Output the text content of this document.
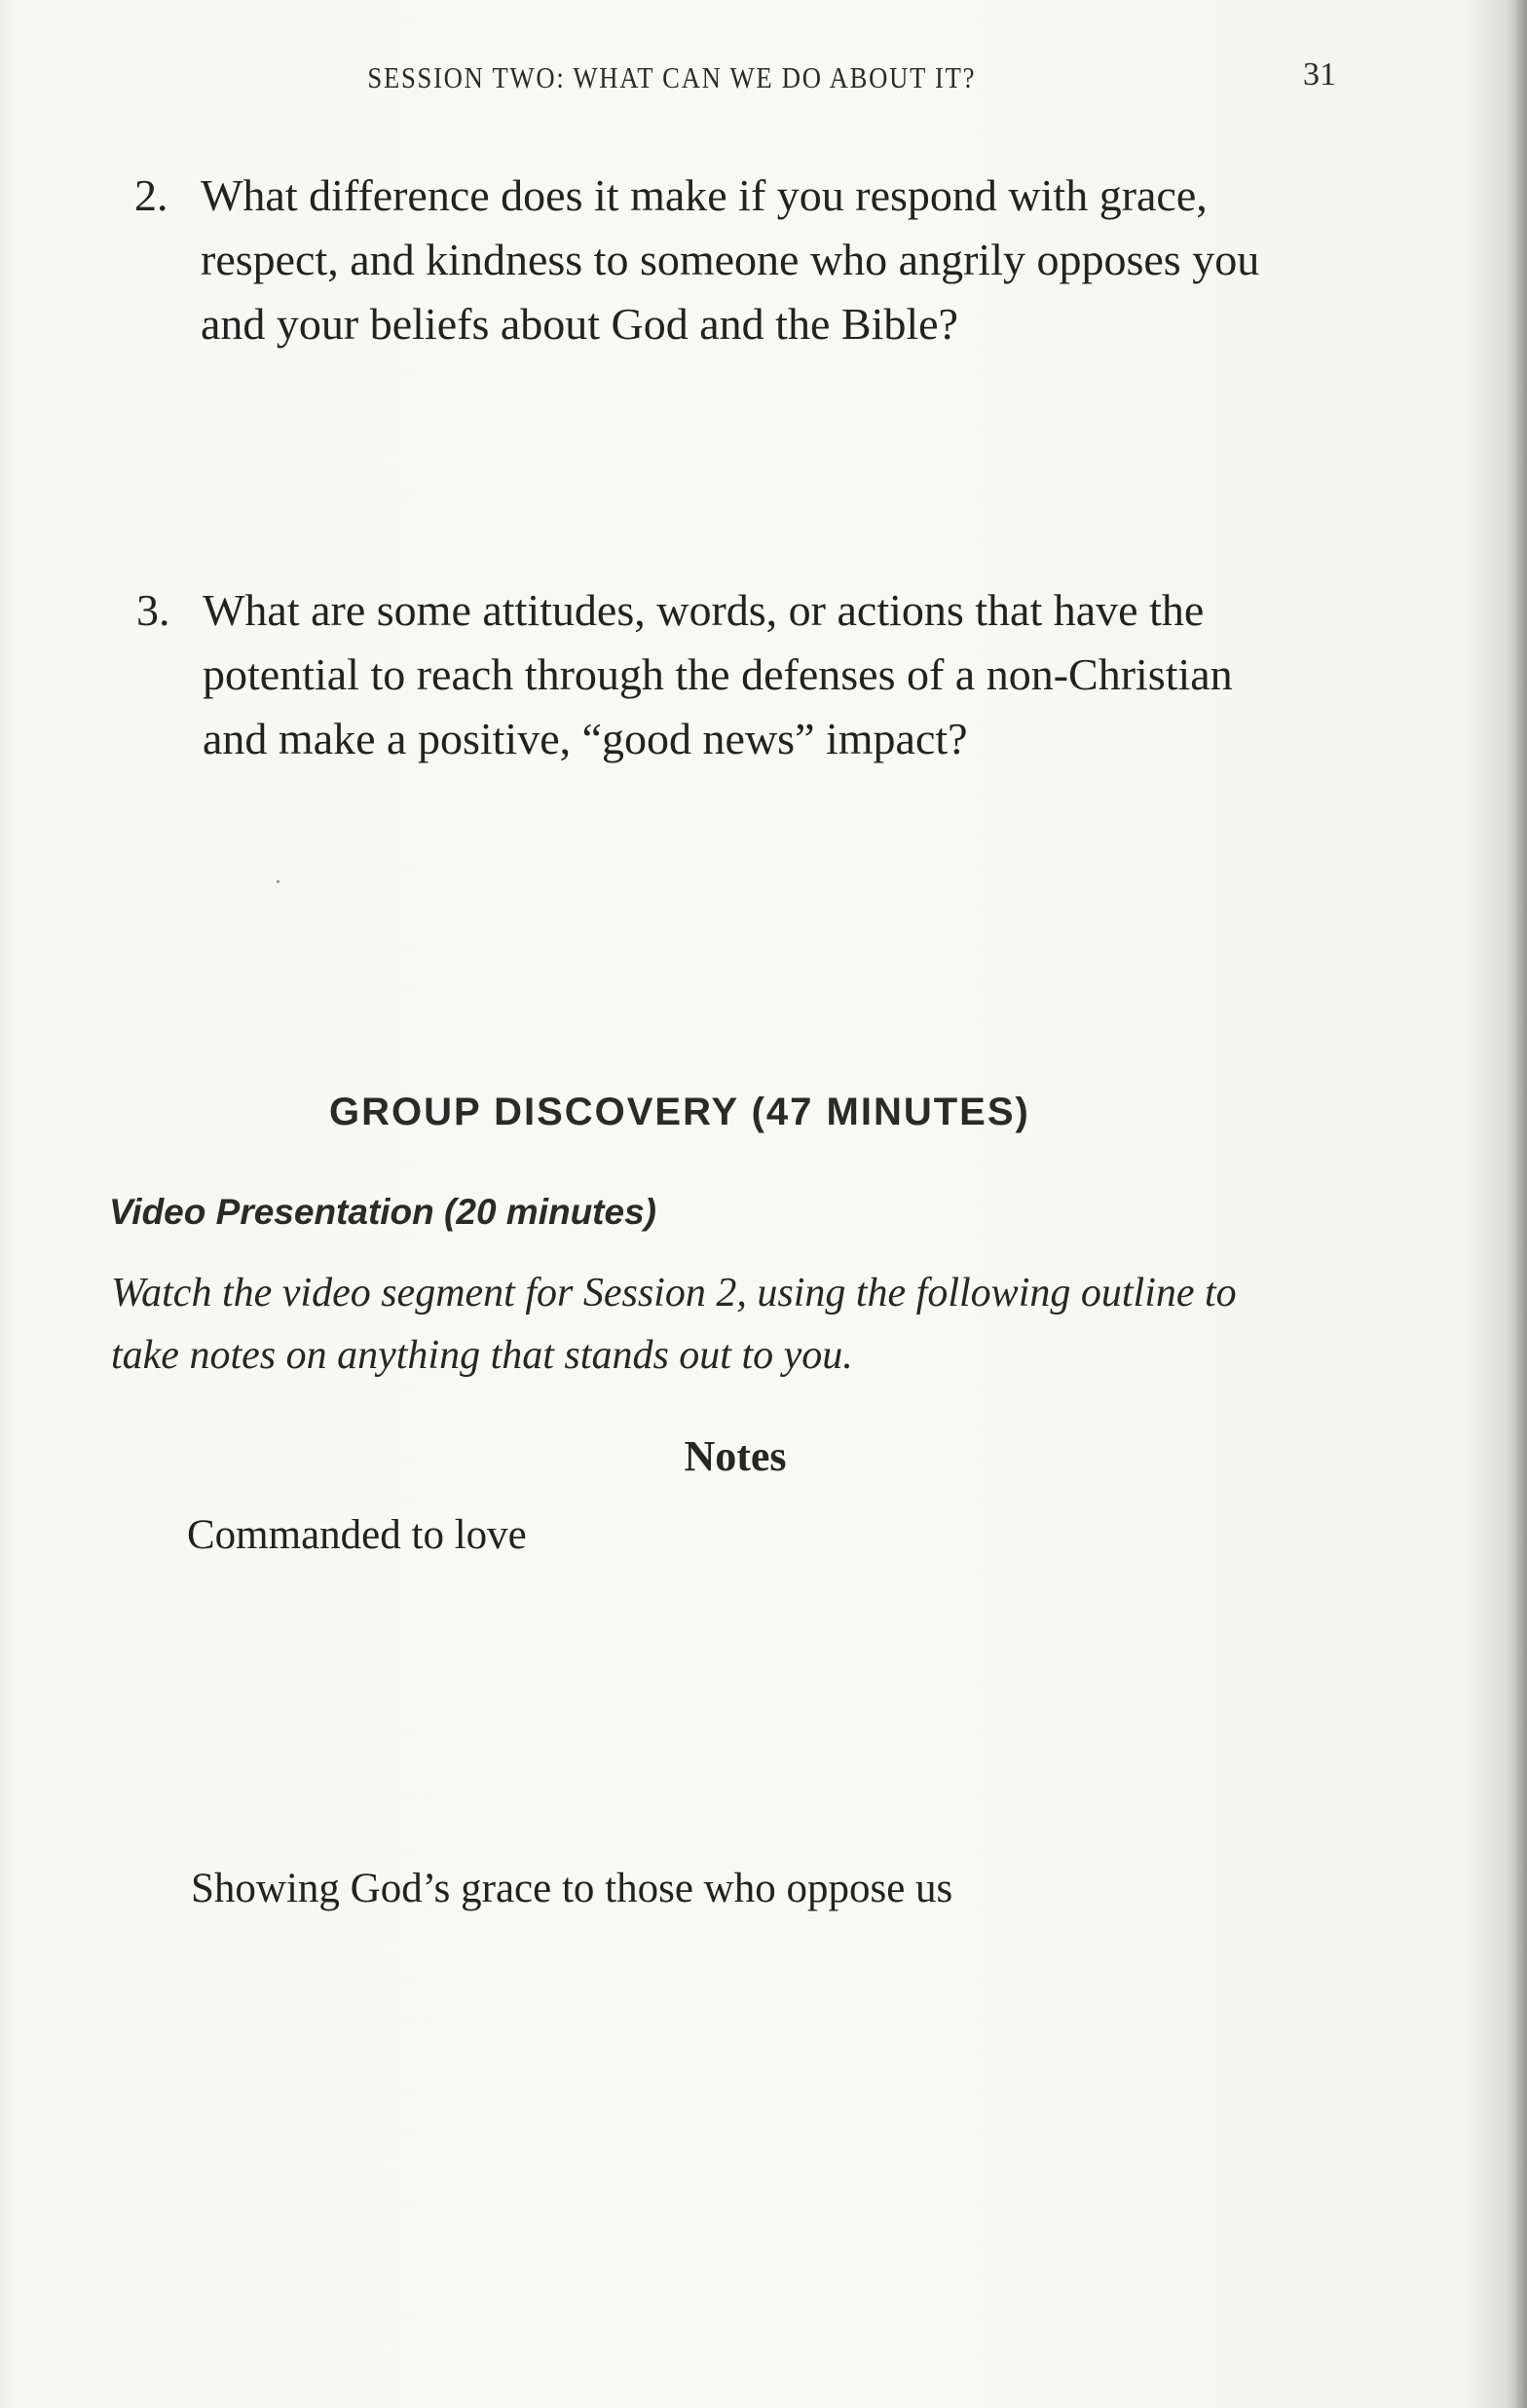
SESSION TWO: WHAT CAN WE DO ABOUT IT?	31
2. What difference does it make if you respond with grace,
respect, and kindness to someone who angrily opposes you
and your beliefs about God and the Bible?
3. What are some attitudes, words, or actions that have the
potential to reach through the defenses of a non-Christian
and make a positive, “good news” impact?
GROUP DISCOVERY (47 MINUTES)
Video Presentation (20 minutes)
Watch the video segment for Session 2, using the following outline to
take notes on anything that stands out to you.
Notes
Commanded to love
Showing God’s grace to those who oppose us
